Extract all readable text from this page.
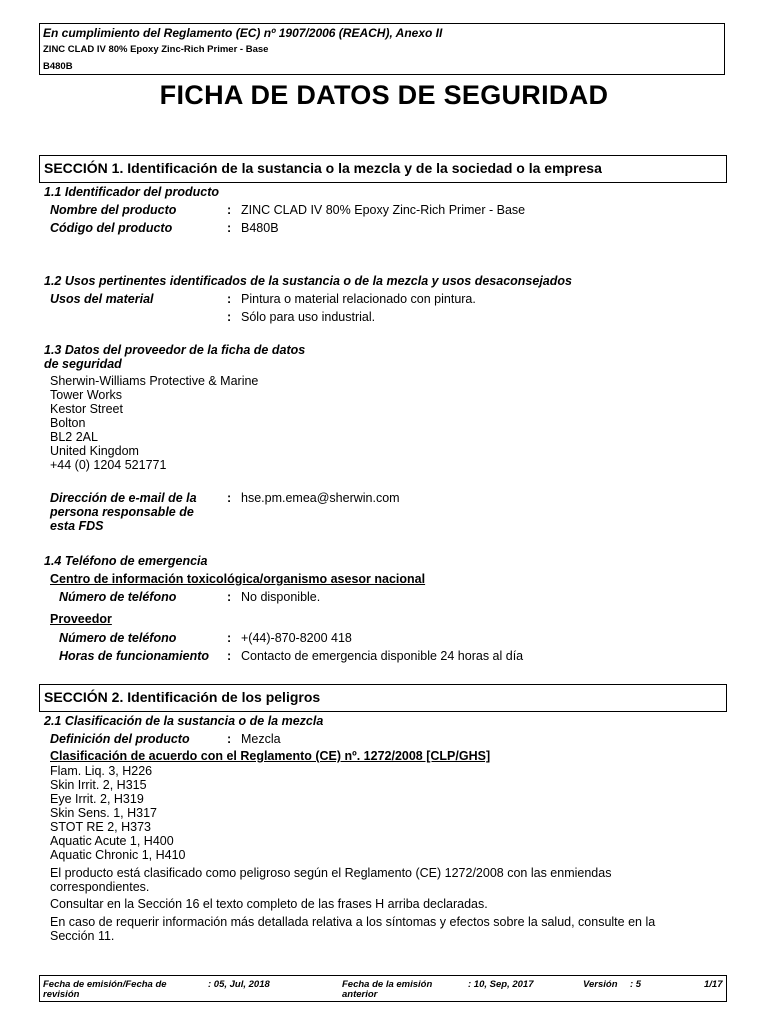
En cumplimiento del Reglamento (EC) nº 1907/2006 (REACH), Anexo II
ZINC CLAD IV 80% Epoxy Zinc-Rich Primer - Base
B480B
FICHA DE DATOS DE SEGURIDAD
SECCIÓN 1. Identificación de la sustancia o la mezcla y de la sociedad o la empresa
1.1 Identificador del producto
Nombre del producto	: ZINC CLAD IV 80% Epoxy Zinc-Rich Primer - Base
Código del producto	: B480B
1.2 Usos pertinentes identificados de la sustancia o de la mezcla y usos desaconsejados
Usos del material	: Pintura o material relacionado con pintura.
: Sólo para uso industrial.
1.3 Datos del proveedor de la ficha de datos
de seguridad
Sherwin-Williams Protective & Marine
Tower Works
Kestor Street
Bolton
BL2 2AL
United Kingdom
+44 (0) 1204 521771
Dirección de e-mail de la
persona responsable de
esta FDS
: hse.pm.emea@sherwin.com
1.4 Teléfono de emergencia
Centro de información toxicológica/organismo asesor nacional
Número de teléfono	: No disponible.
Proveedor
Número de teléfono	: +(44)-870-8200 418
Horas de funcionamiento : Contacto de emergencia disponible 24 horas al día
SECCIÓN 2. Identificación de los peligros
2.1 Clasificación de la sustancia o de la mezcla
Definición del producto	: Mezcla
Clasificación de acuerdo con el Reglamento (CE) nº. 1272/2008 [CLP/GHS]
Flam. Liq. 3, H226
Skin Irrit. 2, H315
Eye Irrit. 2, H319
Skin Sens. 1, H317
STOT RE 2, H373
Aquatic Acute 1, H400
Aquatic Chronic 1, H410
El producto está clasificado como peligroso según el Reglamento (CE) 1272/2008 con las enmiendas correspondientes.
Consultar en la Sección 16 el texto completo de las frases H arriba declaradas.
En caso de requerir información más detallada relativa a los síntomas y efectos sobre la salud, consulte en la Sección 11.
Fecha de emisión/Fecha de
revisión
: 05, Jul, 2018	Fecha de la emisión
anterior
: 10, Sep, 2017	Versión : 5	1/17
